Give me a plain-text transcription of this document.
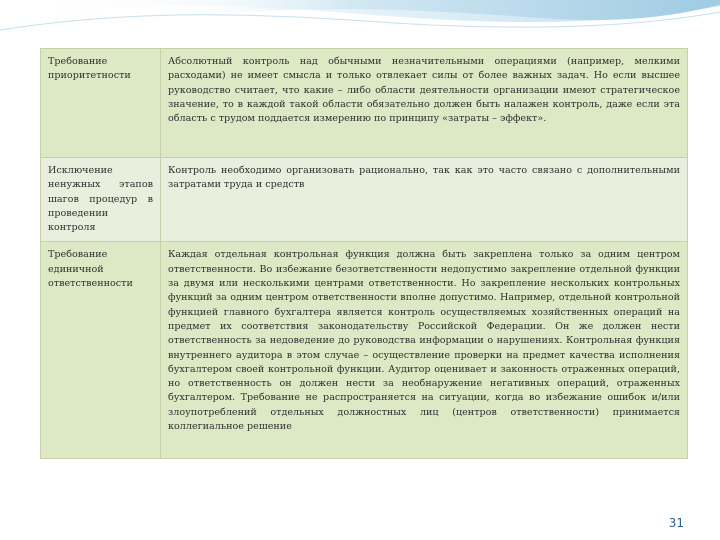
Требование приоритетности	Абсолютный контроль над обычными незначительными операциями (например, мелкими расходами) не имеет смысла и только отвлекает силы от более важных задач. Но если высшее руководство считает, что какие – либо области деятельности организации имеют стратегическое значение, то в каждой такой области обязательно должен быть налажен контроль, даже если эта область с трудом поддается измерению по принципу «затраты – эффект».
Исключение ненужных этапов шагов процедур в проведении контроля	Контроль необходимо организовать рационально, так как это часто связано с дополнительными затратами труда и средств
Требование единичной ответственности	Каждая отдельная контрольная функция должна быть закреплена только за одним центром ответственности. Во избежание безответственности недопустимо закрепление отдельной функции за двумя или несколькими центрами ответственности. Но закрепление нескольких контрольных функций за одним центром ответственности вполне допустимо. Например, отдельной контрольной функцией главного бухгалтера является контроль осуществляемых хозяйственных операций на предмет их соответствия законодательству Российской Федерации. Он же должен нести ответственность за недоведение до руководства информации о нарушениях. Контрольная функция внутреннего аудитора в этом случае – осуществление проверки на предмет качества исполнения бухгалтером своей контрольной функции. Аудитор оценивает и законность отраженных операций, но ответственность он должен нести за необнаружение негативных операций, отраженных бухгалтером. Требование не распространяется на ситуации, когда во избежание ошибок и/или злоупотреблений отдельных должностных лиц (центров ответственности) принимается коллегиальное решение
31
